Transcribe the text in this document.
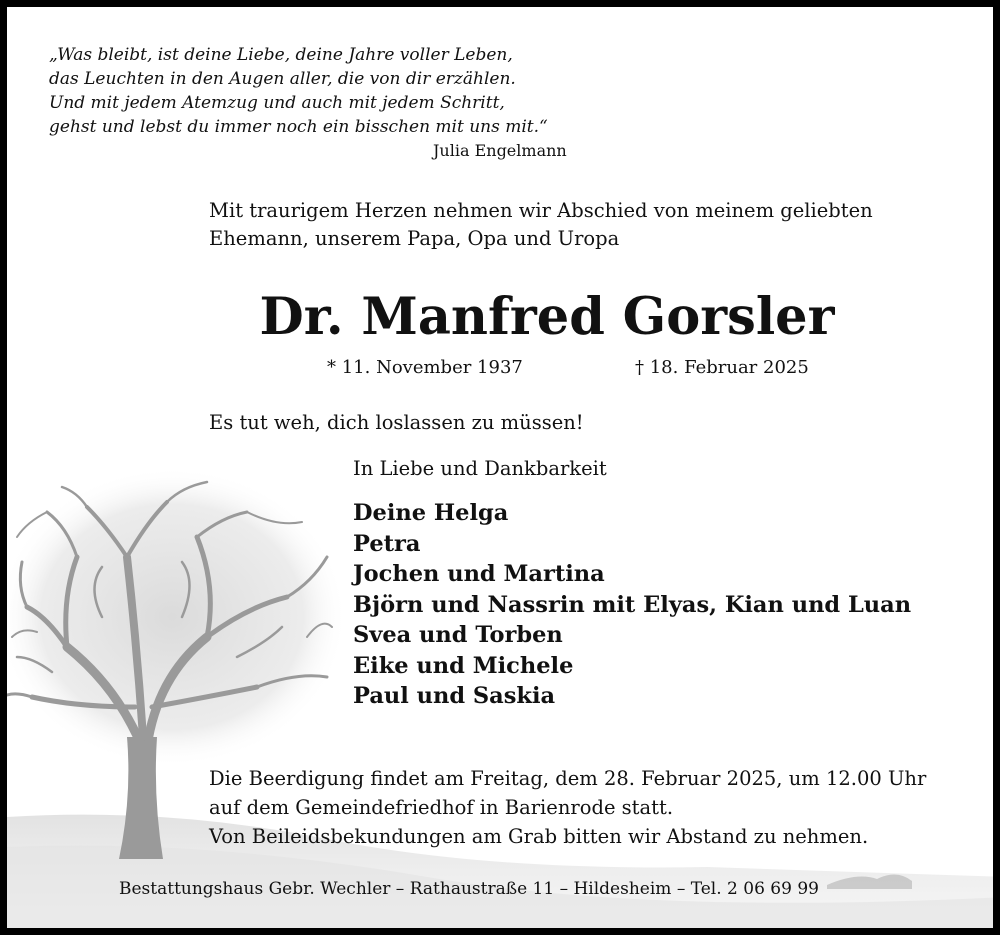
„Was bleibt, ist deine Liebe, deine Jahre voller Leben,
das Leuchten in den Augen aller, die von dir erzählen.
Und mit jedem Atemzug und auch mit jedem Schritt,
gehst und lebst du immer noch ein bisschen mit uns mit.“
Julia Engelmann
Mit traurigem Herzen nehmen wir Abschied von meinem geliebten
Ehemann, unserem Papa, Opa und Uropa
Dr. Manfred Gorsler
* 11. November 1937	† 18. Februar 2025
Es tut weh, dich loslassen zu müssen!
In Liebe und Dankbarkeit
Deine Helga
Petra
Jochen und Martina
Björn und Nassrin mit Elyas, Kian und Luan
Svea und Torben
Eike und Michele
Paul und Saskia
Die Beerdigung findet am Freitag, dem 28. Februar 2025, um 12.00 Uhr
auf dem Gemeindefriedhof in Barienrode statt.
Von Beileidsbekundungen am Grab bitten wir Abstand zu nehmen.
Bestattungshaus Gebr. Wechler – Rathaustraße 11 – Hildesheim – Tel. 2 06 69 99
